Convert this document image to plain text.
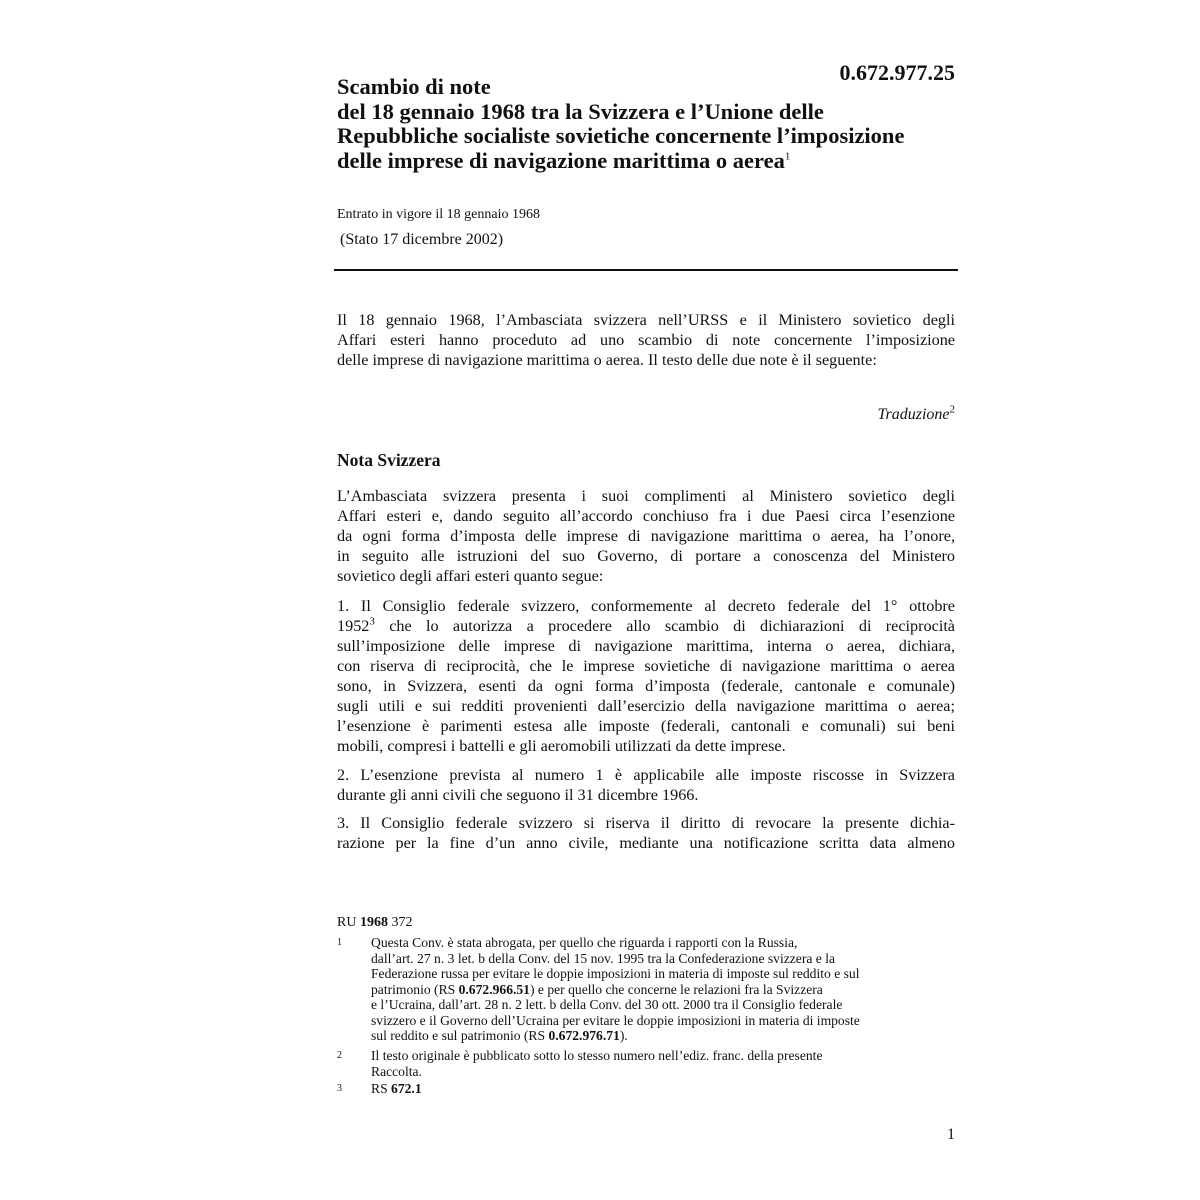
0.672.977.25
Scambio di note
del 18 gennaio 1968 tra la Svizzera e l’Unione delle
Repubbliche socialiste sovietiche concernente l’imposizione
delle imprese di navigazione marittima o aerea$^1$
Entrato in vigore il 18 gennaio 1968
(Stato 17 dicembre 2002)
Il 18 gennaio 1968, l’Ambasciata svizzera nell’URSS e il Ministero sovietico degli
Affari esteri hanno proceduto ad uno scambio di note concernente l’imposizione
delle imprese di navigazione marittima o aerea. Il testo delle due note è il seguente:
Traduzione$^2$
Nota Svizzera
L’Ambasciata svizzera presenta i suoi complimenti al Ministero sovietico degli
Affari esteri e, dando seguito all’accordo conchiuso fra i due Paesi circa l’esenzione
da ogni forma d’imposta delle imprese di navigazione marittima o aerea, ha l’onore,
in seguito alle istruzioni del suo Governo, di portare a conoscenza del Ministero
sovietico degli affari esteri quanto segue:
1. Il Consiglio federale svizzero, conformemente al decreto federale del 1° ottobre
1952$^3$ che lo autorizza a procedere allo scambio di dichiarazioni di reciprocità
sull’imposizione delle imprese di navigazione marittima, interna o aerea, dichiara,
con riserva di reciprocità, che le imprese sovietiche di navigazione marittima o aerea
sono, in Svizzera, esenti da ogni forma d’imposta (federale, cantonale e comunale)
sugli utili e sui redditi provenienti dall’esercizio della navigazione marittima o aerea;
l’esenzione è parimenti estesa alle imposte (federali, cantonali e comunali) sui beni
mobili, compresi i battelli e gli aeromobili utilizzati da dette imprese.
2. L’esenzione prevista al numero 1 è applicabile alle imposte riscosse in Svizzera
durante gli anni civili che seguono il 31 dicembre 1966.
3. Il Consiglio federale svizzero si riserva il diritto di revocare la presente dichia-
razione per la fine d’un anno civile, mediante una notificazione scritta data almeno
RU 1968 372
1 Questa Conv. è stata abrogata, per quello che riguarda i rapporti con la Russia,
dall’art. 27 n. 3 let. b della Conv. del 15 nov. 1995 tra la Confederazione svizzera e la
Federazione russa per evitare le doppie imposizioni in materia di imposte sul reddito e sul
patrimonio (RS 0.672.966.51) e per quello che concerne le relazioni fra la Svizzera
e l’Ucraina, dall’art. 28 n. 2 lett. b della Conv. del 30 ott. 2000 tra il Consiglio federale
svizzero e il Governo dell’Ucraina per evitare le doppie imposizioni in materia di imposte
sul reddito e sul patrimonio (RS 0.672.976.71).
2 Il testo originale è pubblicato sotto lo stesso numero nell’ediz. franc. della presente
Raccolta.
3 RS 672.1
1
